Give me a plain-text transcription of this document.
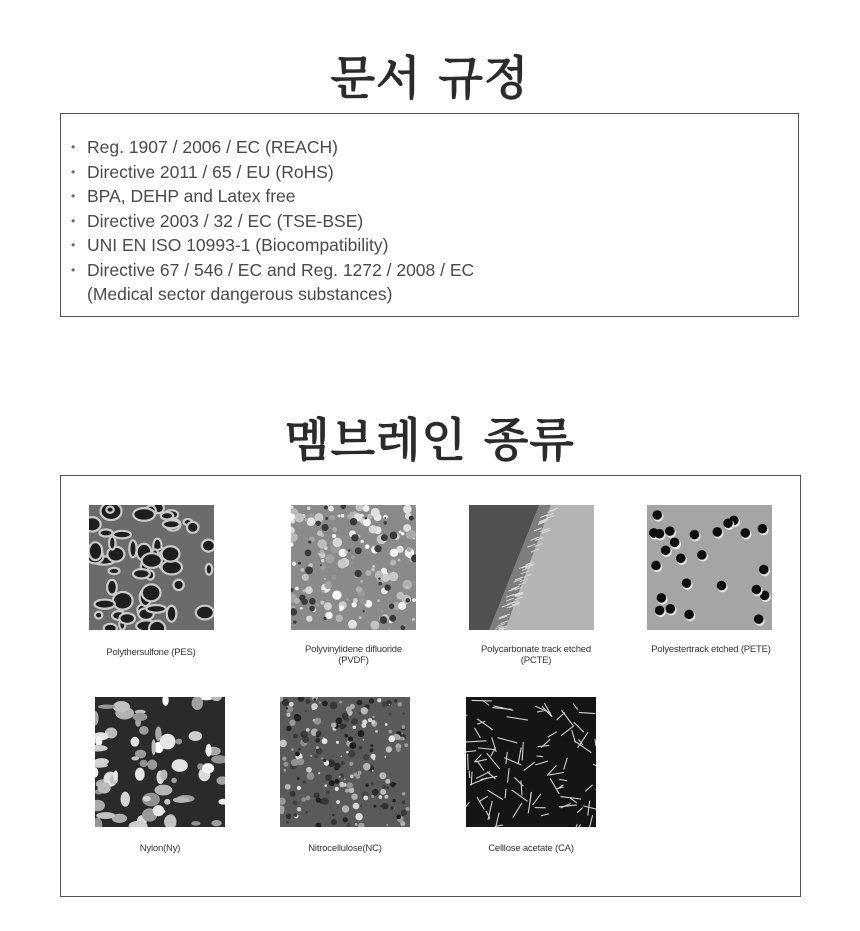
문서 규정
• Reg. 1907 / 2006 / EC (REACH)
• Directive 2011 / 65 / EU (RoHS)
• BPA, DEHP and Latex free
• Directive 2003 / 32 / EC (TSE-BSE)
• UNI EN ISO 10993-1 (Biocompatibility)
• Directive 67 / 546 / EC and Reg. 1272 / 2008 / EC
(Medical sector dangerous substances)
멤브레인 종류
Polythersulfone (PES)	Polyvinylidene difluoride
(PVDF)
Polycarbonate track etched
(PCTE)
Polyestertrack etched (PETE)
Nylon(Ny)	Nitrocellulose(NC)	Celllose acetate (CA)
